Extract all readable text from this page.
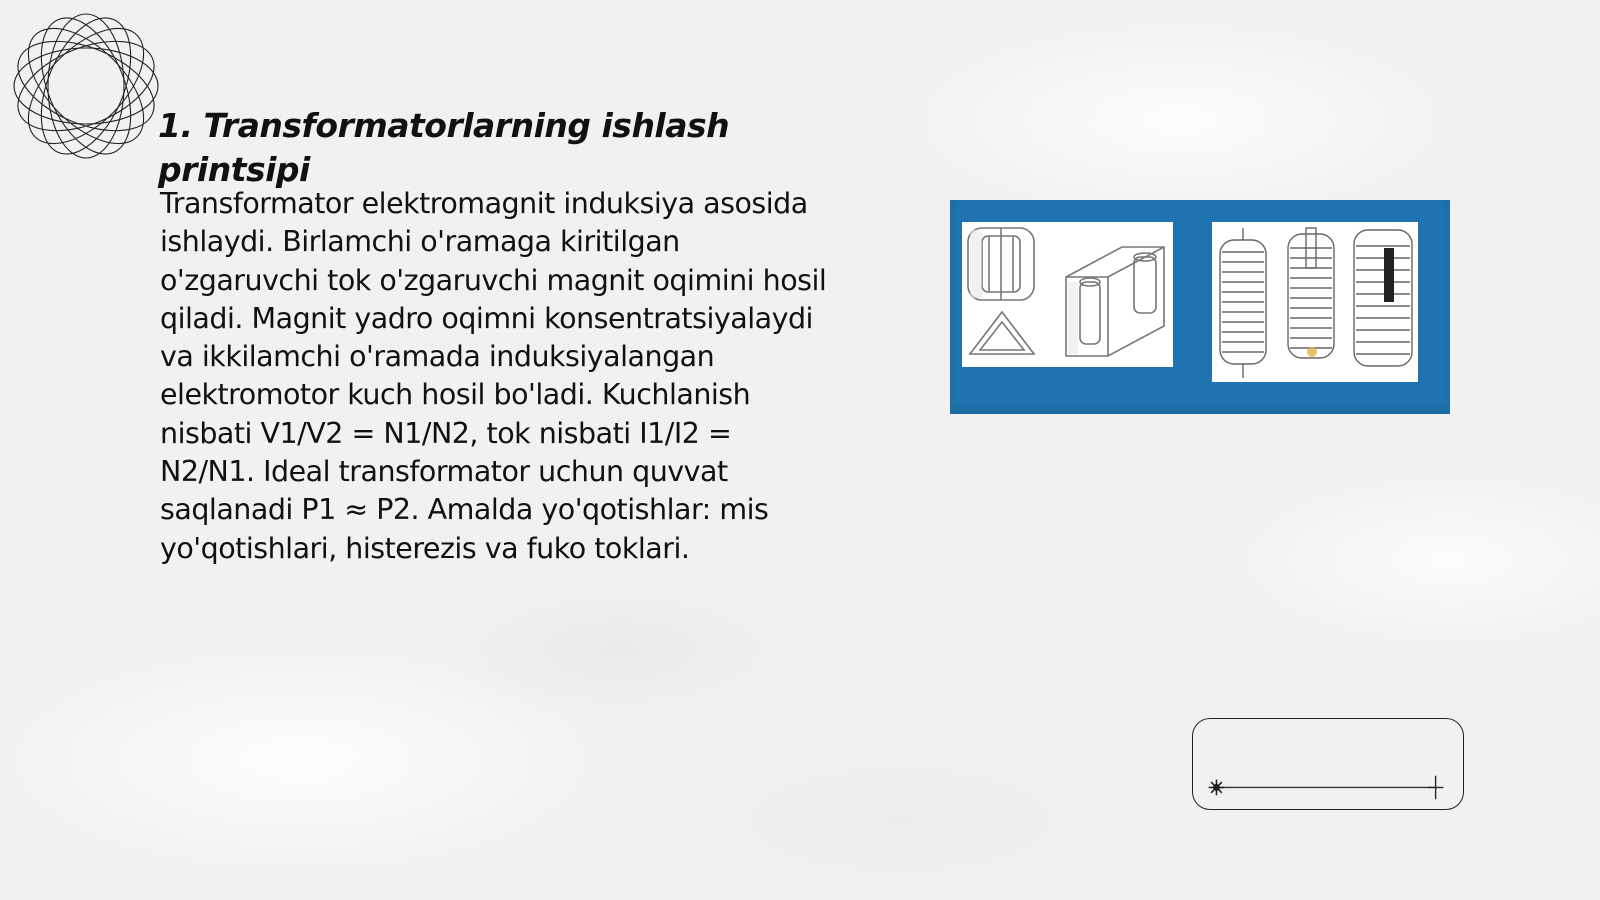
1. Transformatorlarning ishlash printsipi

Transformator elektromagnit induksiya asosida ishlaydi. Birlamchi o'ramaga kiritilgan o'zgaruvchi tok o'zgaruvchi magnit oqimini hosil qiladi. Magnit yadro oqimni konsentratsiyalaydi va ikkilamchi o'ramada induksiyalangan elektromotor kuch hosil bo'ladi. Kuchlanish nisbati V1/V2 = N1/N2, tok nisbati I1/I2 = N2/N1. Ideal transformator uchun quvvat saqlanadi P1 ≈ P2. Amalda yo'qotishlar: mis yo'qotishlari, histerezis va fuko toklari.
